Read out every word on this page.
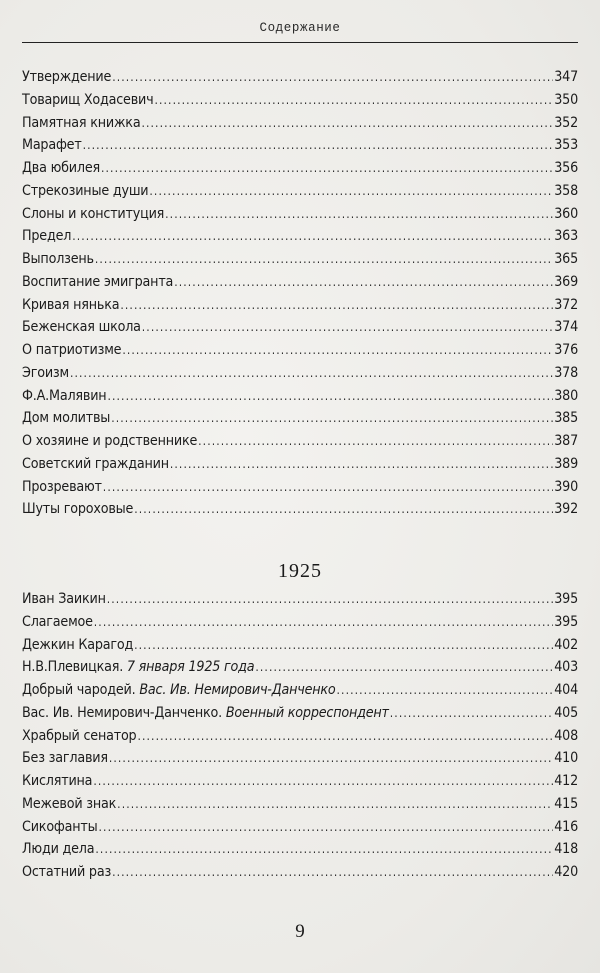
Содержание
Утверждение .....	347
Товарищ Ходасевич .....	350
Памятная книжка .....	352
Марафет .....	353
Два юбилея .....	356
Стрекозиные души .....	358
Слоны и конституция .....	360
Предел .....	363
Выползень .....	365
Воспитание эмигранта .....	369
Кривая нянька .....	372
Беженская школа .....	374
О патриотизме .....	376
Эгоизм .....	378
Ф.А.Малявин .....	380
Дом молитвы .....	385
О хозяине и родственнике .....	387
Советский гражданин .....	389
Прозревают .....	390
Шуты гороховые .....	392
1925
Иван Заикин .....	395
Слагаемое .....	395
Дежкин Карагод .....	402
Н.В.Плевицкая. 7 января 1925 года .....	403
Добрый чародей. Вас. Ив. Немирович-Данченко .....	404
Вас. Ив. Немирович-Данченко. Военный корреспондент .....	405
Храбрый сенатор .....	408
Без заглавия .....	410
Кислятина .....	412
Межевой знак .....	415
Сикофанты .....	416
Люди дела .....	418
Остатний раз .....	420
9
